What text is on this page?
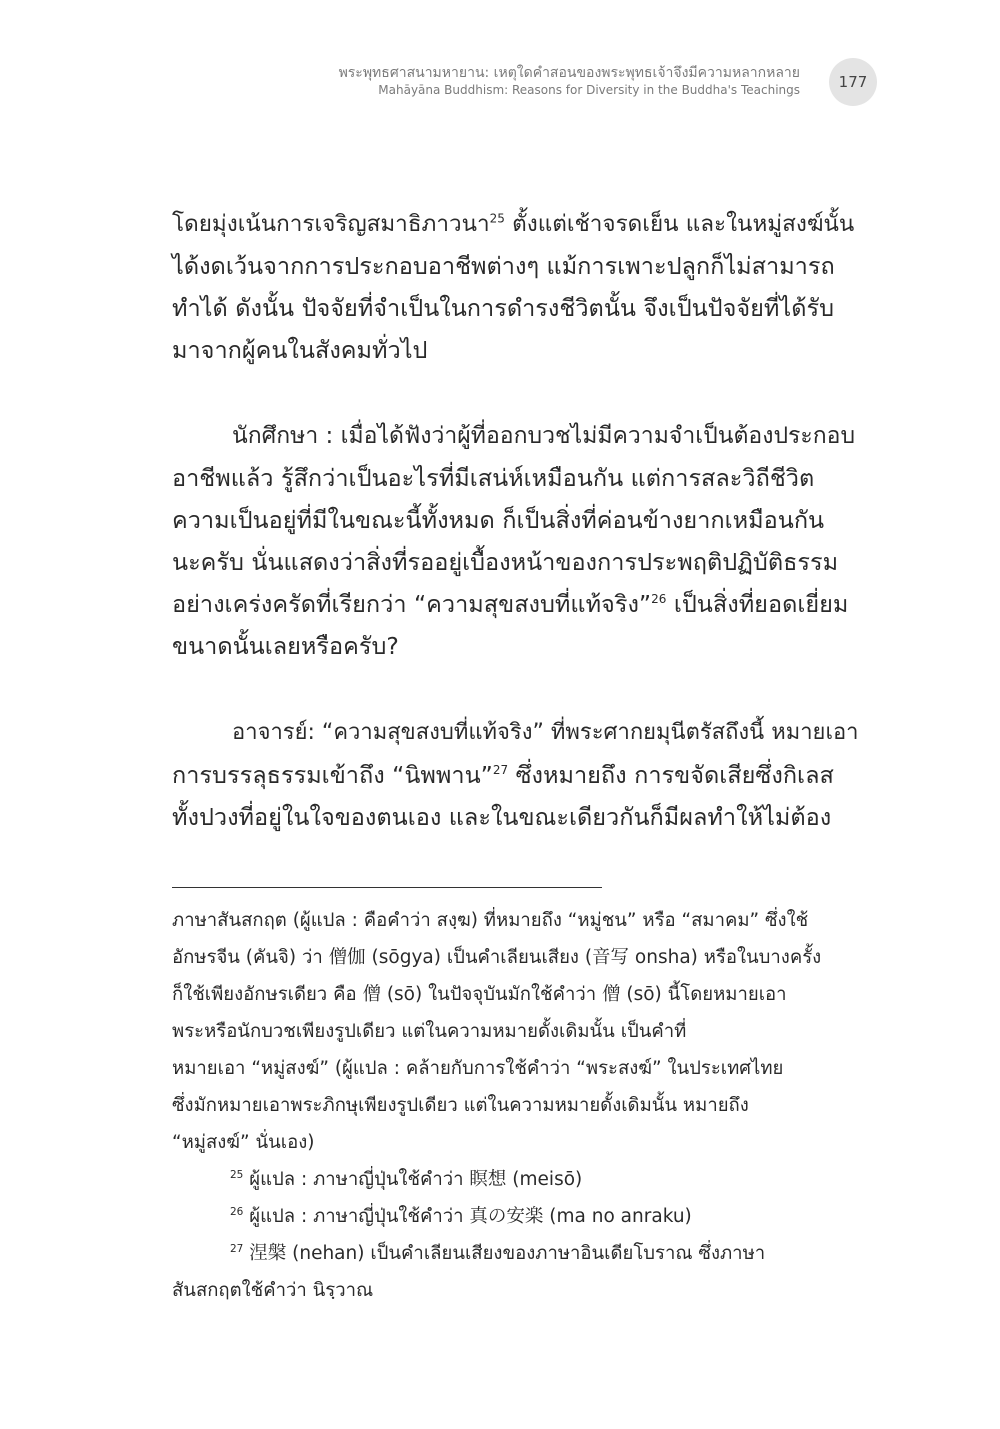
พระพุทธศาสนามหายาน: เหตุใดคำสอนของพระพุทธเจ้าจึงมีความหลากหลาย
Mahāyāna Buddhism: Reasons for Diversity in the Buddha's Teachings	177
โดยมุ่งเน้นการเจริญสมาธิภาวนา$^{25}$ ตั้งแต่เช้าจรดเย็น และในหมู่สงฆ์นั้น
ได้งดเว้นจากการประกอบอาชีพต่างๆ แม้การเพาะปลูกก็ไม่สามารถ
ทำได้ ดังนั้น ปัจจัยที่จำเป็นในการดำรงชีวิตนั้น จึงเป็นปัจจัยที่ได้รับ
มาจากผู้คนในสังคมทั่วไป
นักศึกษา : เมื่อได้ฟังว่าผู้ที่ออกบวชไม่มีความจำเป็นต้องประกอบ
อาชีพแล้ว รู้สึกว่าเป็นอะไรที่มีเสน่ห์เหมือนกัน แต่การสละวิถีชีวิต
ความเป็นอยู่ที่มีในขณะนี้ทั้งหมด ก็เป็นสิ่งที่ค่อนข้างยากเหมือนกัน
นะครับ นั่นแสดงว่าสิ่งที่รออยู่เบื้องหน้าของการประพฤติปฏิบัติธรรม
อย่างเคร่งครัดที่เรียกว่า “ความสุขสงบที่แท้จริง”$^{26}$ เป็นสิ่งที่ยอดเยี่ยม
ขนาดนั้นเลยหรือครับ?
อาจารย์: “ความสุขสงบที่แท้จริง” ที่พระศากยมุนีตรัสถึงนี้ หมายเอา
การบรรลุธรรมเข้าถึง “นิพพาน”$^{27}$ ซึ่งหมายถึง การขจัดเสียซึ่งกิเลส
ทั้งปวงที่อยู่ในใจของตนเอง และในขณะเดียวกันก็มีผลทำให้ไม่ต้อง
ภาษาสันสกฤต (ผู้แปล : คือคำว่า สงฺฆ) ที่หมายถึง “หมู่ชน” หรือ “สมาคม” ซึ่งใช้
อักษรจีน (คันจิ) ว่า 僧伽 (sōgya) เป็นคำเลียนเสียง (音写 onsha) หรือในบางครั้ง
ก็ใช้เพียงอักษรเดียว คือ 僧 (sō) ในปัจจุบันมักใช้คำว่า 僧 (sō) นี้โดยหมายเอา
พระหรือนักบวชเพียงรูปเดียว แต่ในความหมายดั้งเดิมนั้น เป็นคำที่
หมายเอา “หมู่สงฆ์” (ผู้แปล : คล้ายกับการใช้คำว่า “พระสงฆ์” ในประเทศไทย
ซึ่งมักหมายเอาพระภิกษุเพียงรูปเดียว แต่ในความหมายดั้งเดิมนั้น หมายถึง
“หมู่สงฆ์” นั่นเอง)
$^{25}$ ผู้แปล : ภาษาญี่ปุ่นใช้คำว่า 瞑想 (meisō)
$^{26}$ ผู้แปล : ภาษาญี่ปุ่นใช้คำว่า 真の安楽 (ma no anraku)
$^{27}$ 涅槃 (nehan) เป็นคำเลียนเสียงของภาษาอินเดียโบราณ ซึ่งภาษา
สันสกฤตใช้คำว่า นิรฺวาณ
